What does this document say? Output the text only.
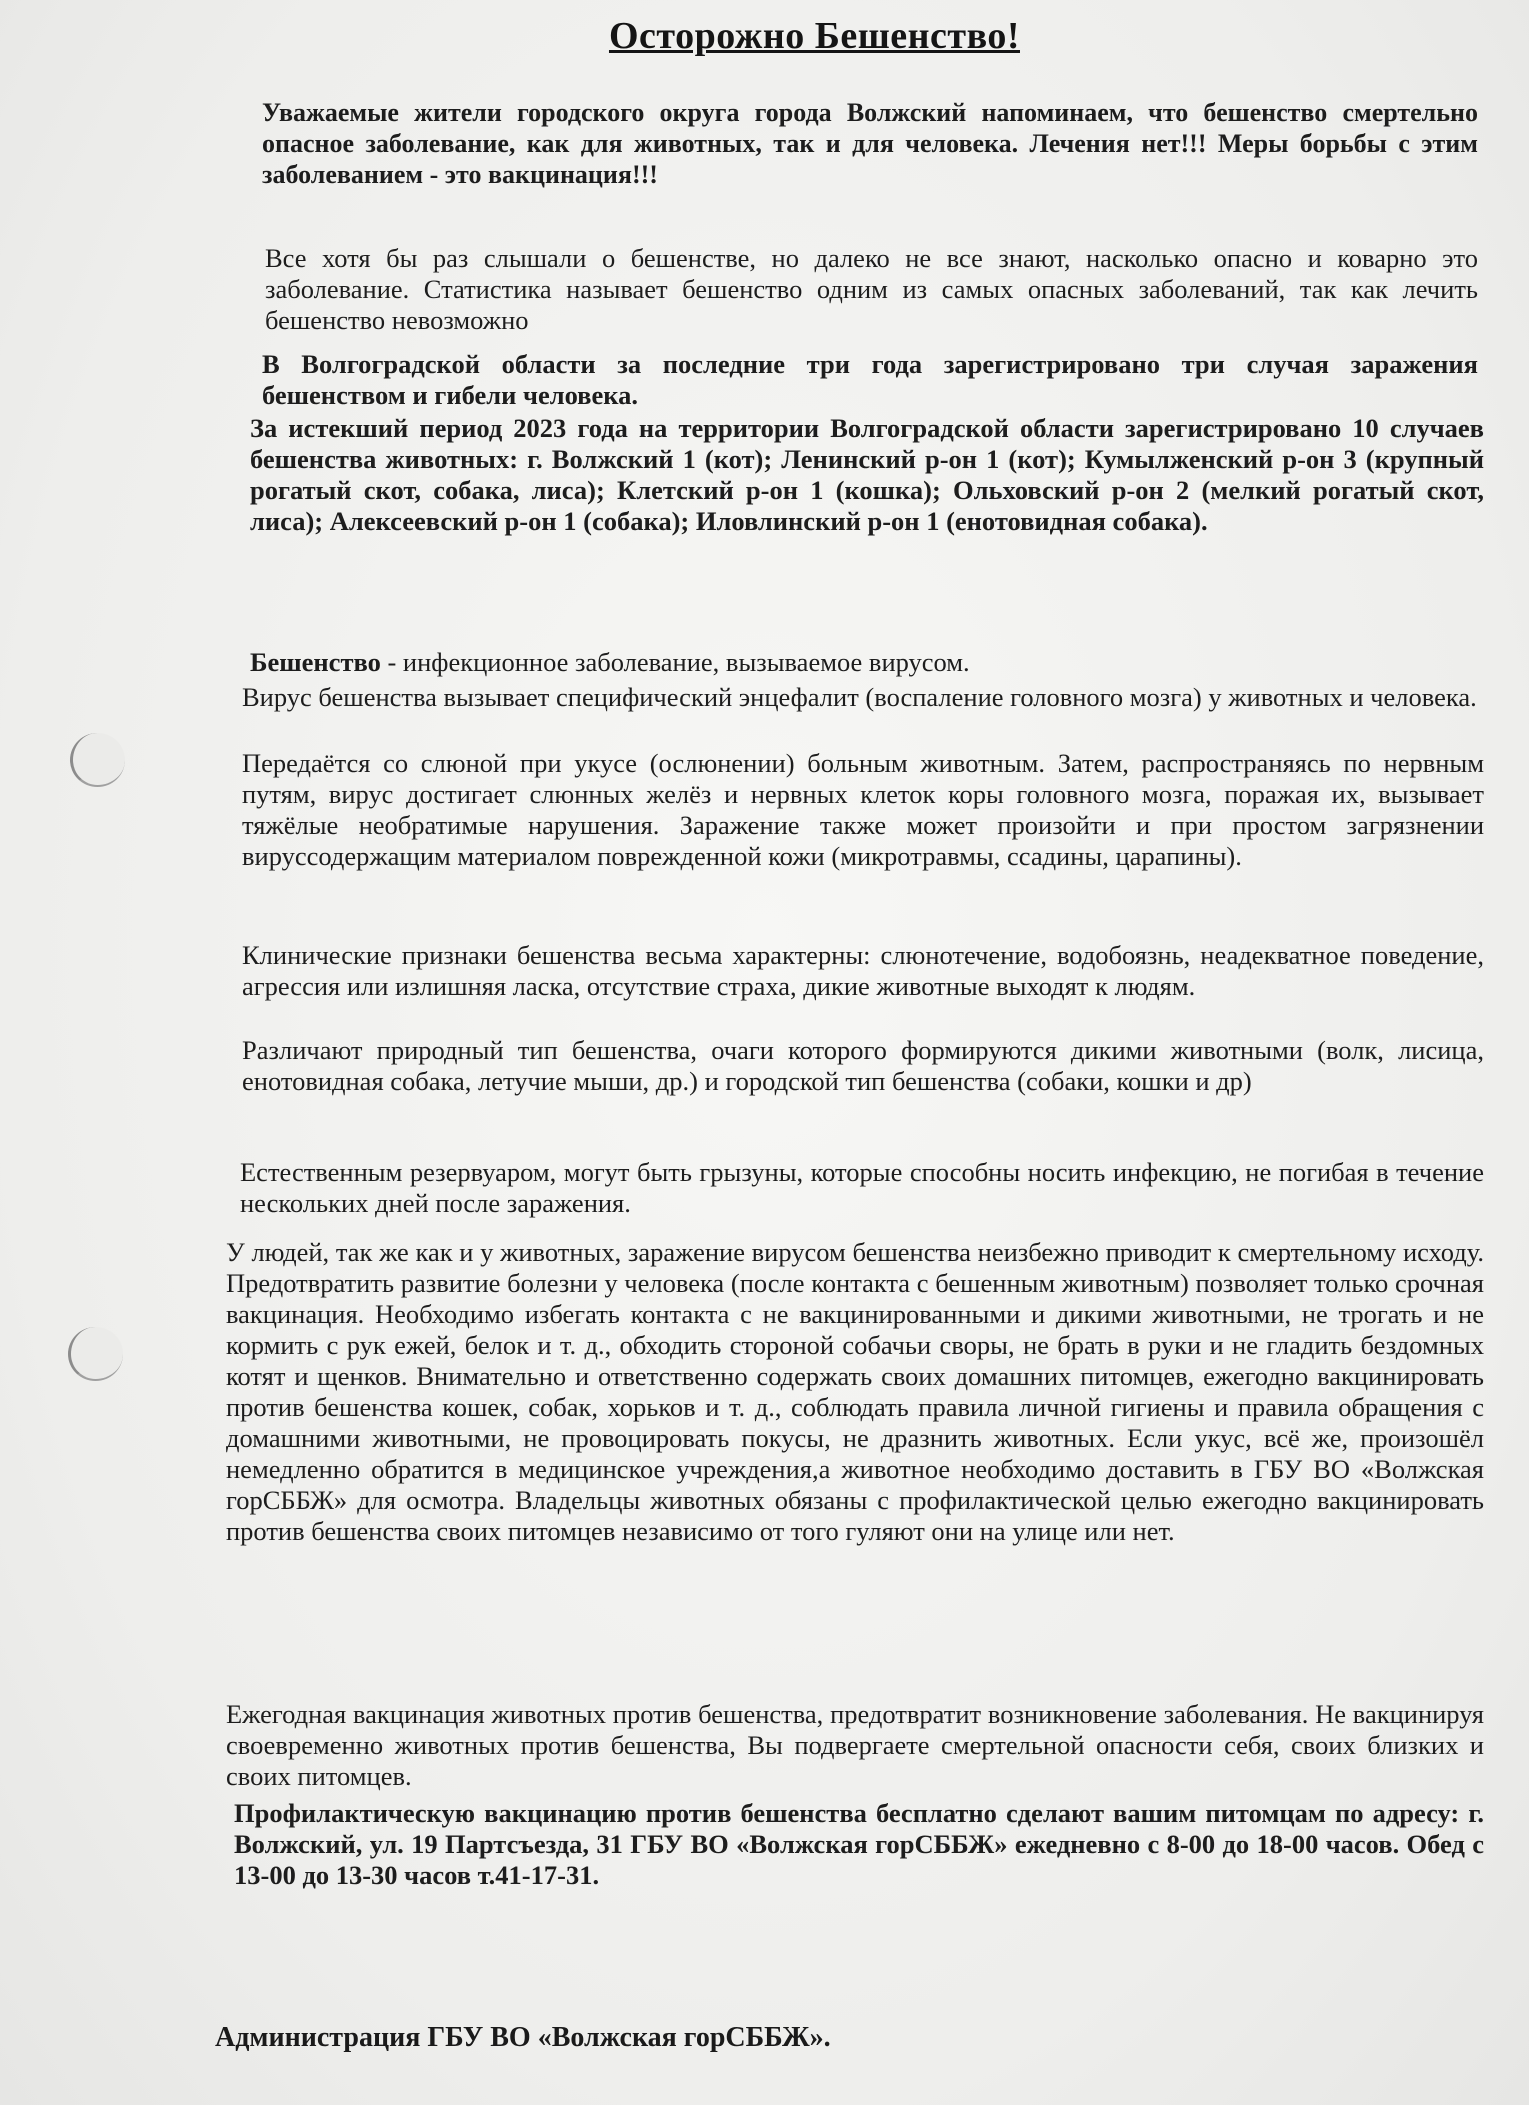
Осторожно Бешенство!

Уважаемые жители городского округа города Волжский напоминаем, что бешенство смертельно опасное заболевание, как для животных, так и для человека. Лечения нет!!! Меры борьбы с этим заболеванием - это вакцинация!!!

Все хотя бы раз слышали о бешенстве, но далеко не все знают, насколько опасно и коварно это заболевание. Статистика называет бешенство одним из самых опасных заболеваний, так как лечить бешенство невозможно

В Волгоградской области за последние три года зарегистрировано три случая заражения бешенством и гибели человека.

За истекший период 2023 года на территории Волгоградской области зарегистрировано 10 случаев бешенства животных: г. Волжский 1 (кот); Ленинский р-он 1 (кот); Кумылженский р-он 3 (крупный рогатый скот, собака, лиса); Клетский р-он 1 (кошка); Ольховский р-он 2 (мелкий рогатый скот, лиса); Алексеевский р-он 1 (собака); Иловлинский р-он 1 (енотовидная собака).

Бешенство - инфекционное заболевание, вызываемое вирусом.

Вирус бешенства вызывает специфический энцефалит (воспаление головного мозга) у животных и человека.

Передаётся со слюной при укусе (ослюнении) больным животным. Затем, распространяясь по нервным путям, вирус достигает слюнных желёз и нервных клеток коры головного мозга, поражая их, вызывает тяжёлые необратимые нарушения. Заражение также может произойти и при простом загрязнении вируссодержащим материалом поврежденной кожи (микротравмы, ссадины, царапины).

Клинические признаки бешенства весьма характерны: слюнотечение, водобоязнь, неадекватное поведение, агрессия или излишняя ласка, отсутствие страха, дикие животные выходят к людям.

Различают природный тип бешенства, очаги которого формируются дикими животными (волк, лисица, енотовидная собака, летучие мыши, др.) и городской тип бешенства (собаки, кошки и др)

Естественным резервуаром, могут быть грызуны, которые способны носить инфекцию, не погибая в течение нескольких дней после заражения.

У людей, так же как и у животных, заражение вирусом бешенства неизбежно приводит к смертельному исходу. Предотвратить развитие болезни у человека (после контакта с бешенным животным) позволяет только срочная вакцинация. Необходимо избегать контакта с не вакцинированными и дикими животными, не трогать и не кормить с рук ежей, белок и т. д., обходить стороной собачьи своры, не брать в руки и не гладить бездомных котят и щенков. Внимательно и ответственно содержать своих домашних питомцев, ежегодно вакцинировать против бешенства кошек, собак, хорьков и т. д., соблюдать правила личной гигиены и правила обращения с домашними животными, не провоцировать покусы, не дразнить животных. Если укус, всё же, произошёл немедленно обратится в медицинское учреждения,а животное необходимо доставить в ГБУ ВО «Волжская горСББЖ» для осмотра. Владельцы животных обязаны с профилактической целью ежегодно вакцинировать против бешенства своих питомцев независимо от того гуляют они на улице или нет.

Ежегодная вакцинация животных против бешенства, предотвратит возникновение заболевания. Не вакцинируя своевременно животных против бешенства, Вы подвергаете смертельной опасности себя, своих близких и своих питомцев.

Профилактическую вакцинацию против бешенства бесплатно сделают вашим питомцам по адресу: г. Волжский, ул. 19 Партсъезда, 31 ГБУ ВО «Волжская горСББЖ» ежедневно с 8-00 до 18-00 часов. Обед с 13-00 до 13-30 часов т.41-17-31.

Администрация ГБУ ВО «Волжская горСББЖ».
